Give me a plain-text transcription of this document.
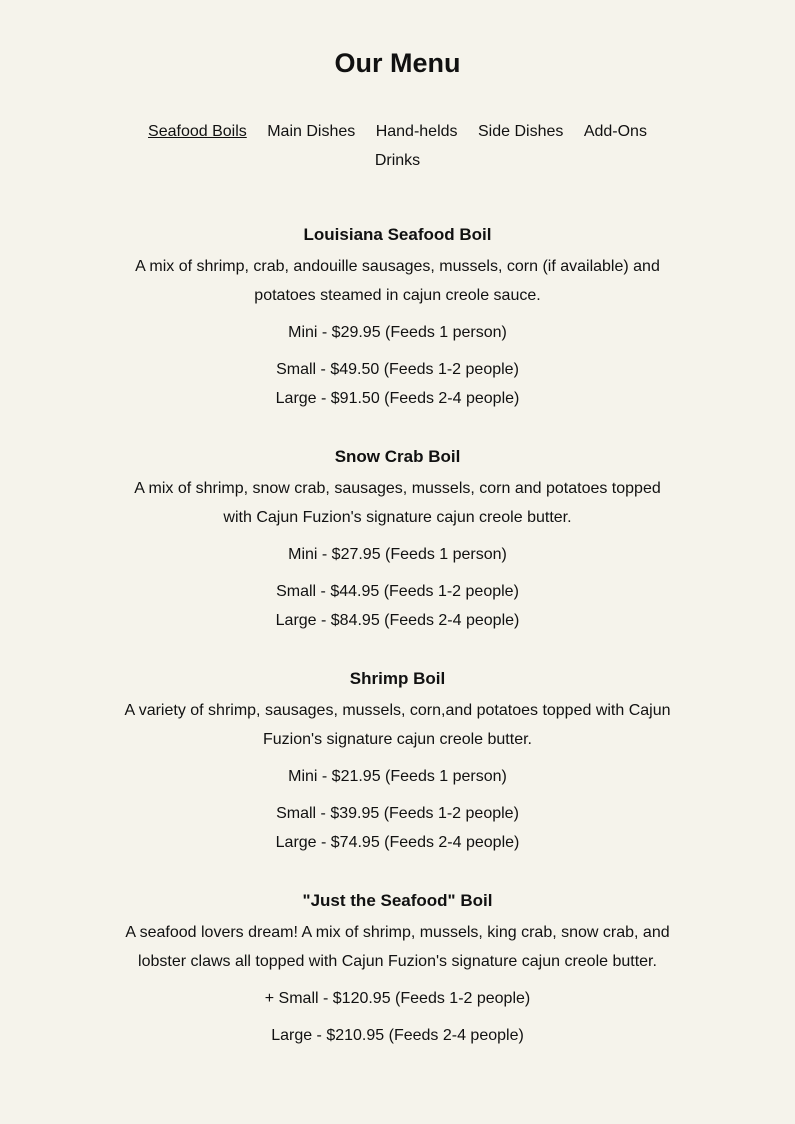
Our Menu
Seafood Boils Main Dishes Hand-helds Side Dishes Add-Ons
Drinks
Louisiana Seafood Boil

A mix of shrimp, crab, andouille sausages, mussels, corn (if available) and potatoes steamed in cajun creole sauce.

Mini - $29.95 (Feeds 1 person)

Small - $49.50 (Feeds 1-2 people)

Large - $91.50 (Feeds 2-4 people)

Snow Crab Boil

A mix of shrimp, snow crab, sausages, mussels, corn and potatoes topped with Cajun Fuzion's signature cajun creole butter.

Mini - $27.95 (Feeds 1 person)

Small - $44.95 (Feeds 1-2 people)

Large - $84.95 (Feeds 2-4 people)

Shrimp Boil

A variety of shrimp, sausages, mussels, corn,and potatoes topped with Cajun Fuzion's signature cajun creole butter.

Mini - $21.95 (Feeds 1 person)

Small - $39.95 (Feeds 1-2 people)

Large - $74.95 (Feeds 2-4 people)

"Just the Seafood" Boil

A seafood lovers dream! A mix of shrimp, mussels, king crab, snow crab, and lobster claws all topped with Cajun Fuzion's signature cajun creole butter.

+ Small - $120.95 (Feeds 1-2 people)

Large - $210.95 (Feeds 2-4 people)
